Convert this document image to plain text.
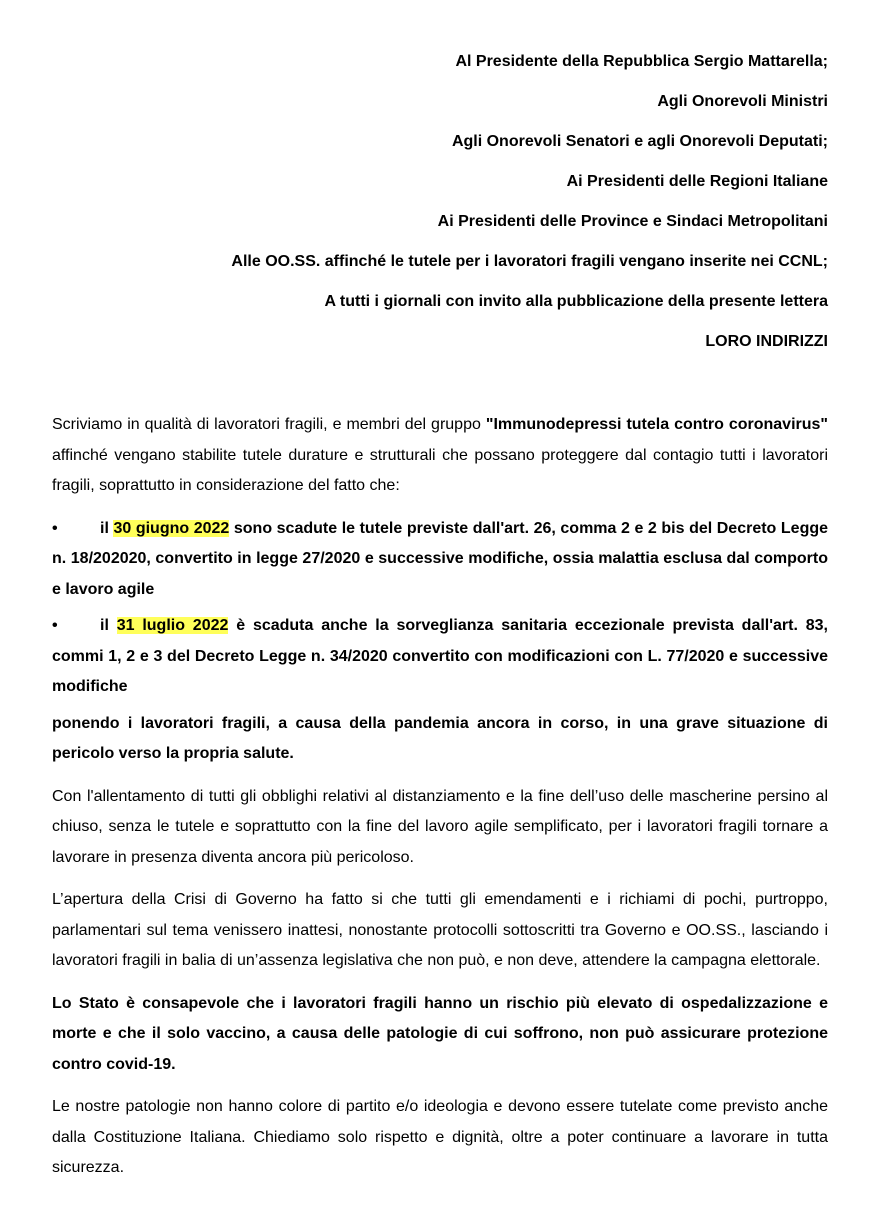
Al Presidente della Repubblica Sergio Mattarella;
Agli Onorevoli Ministri
Agli Onorevoli Senatori e agli Onorevoli Deputati;
Ai Presidenti delle Regioni Italiane
Ai Presidenti delle Province e Sindaci Metropolitani
Alle OO.SS. affinché le tutele per i lavoratori fragili vengano inserite nei CCNL;
A tutti i giornali con invito alla pubblicazione della presente lettera
LORO INDIRIZZI

Scriviamo in qualità di lavoratori fragili, e membri del gruppo "Immunodepressi tutela contro coronavirus" affinché vengano stabilite tutele durature e strutturali che possano proteggere dal contagio tutti i lavoratori fragili, soprattutto in considerazione del fatto che:

•	il 30 giugno 2022 sono scadute le tutele previste dall'art. 26, comma 2 e 2 bis del Decreto Legge n. 18/202020, convertito in legge 27/2020 e successive modifiche, ossia malattia esclusa dal comporto e lavoro agile

•	il 31 luglio 2022 è scaduta anche la sorveglianza sanitaria eccezionale prevista dall'art. 83, commi 1, 2 e 3 del Decreto Legge n. 34/2020 convertito con modificazioni con L. 77/2020 e successive modifiche

ponendo i lavoratori fragili, a causa della pandemia ancora in corso, in una grave situazione di pericolo verso la propria salute.

Con l'allentamento di tutti gli obblighi relativi al distanziamento e la fine dell’uso delle mascherine persino al chiuso, senza le tutele e soprattutto con la fine del lavoro agile semplificato, per i lavoratori fragili tornare a lavorare in presenza diventa ancora più pericoloso.

L’apertura della Crisi di Governo ha fatto si che tutti gli emendamenti e i richiami di pochi, purtroppo, parlamentari sul tema venissero inattesi, nonostante protocolli sottoscritti tra Governo e OO.SS., lasciando i lavoratori fragili in balia di un’assenza legislativa che non può, e non deve, attendere la campagna elettorale.

Lo Stato è consapevole che i lavoratori fragili hanno un rischio più elevato di ospedalizzazione e morte e che il solo vaccino, a causa delle patologie di cui soffrono, non può assicurare protezione contro covid-19.

Le nostre patologie non hanno colore di partito e/o ideologia e devono essere tutelate come previsto anche dalla Costituzione Italiana. Chiediamo solo rispetto e dignità, oltre a poter continuare a lavorare in tutta sicurezza.
